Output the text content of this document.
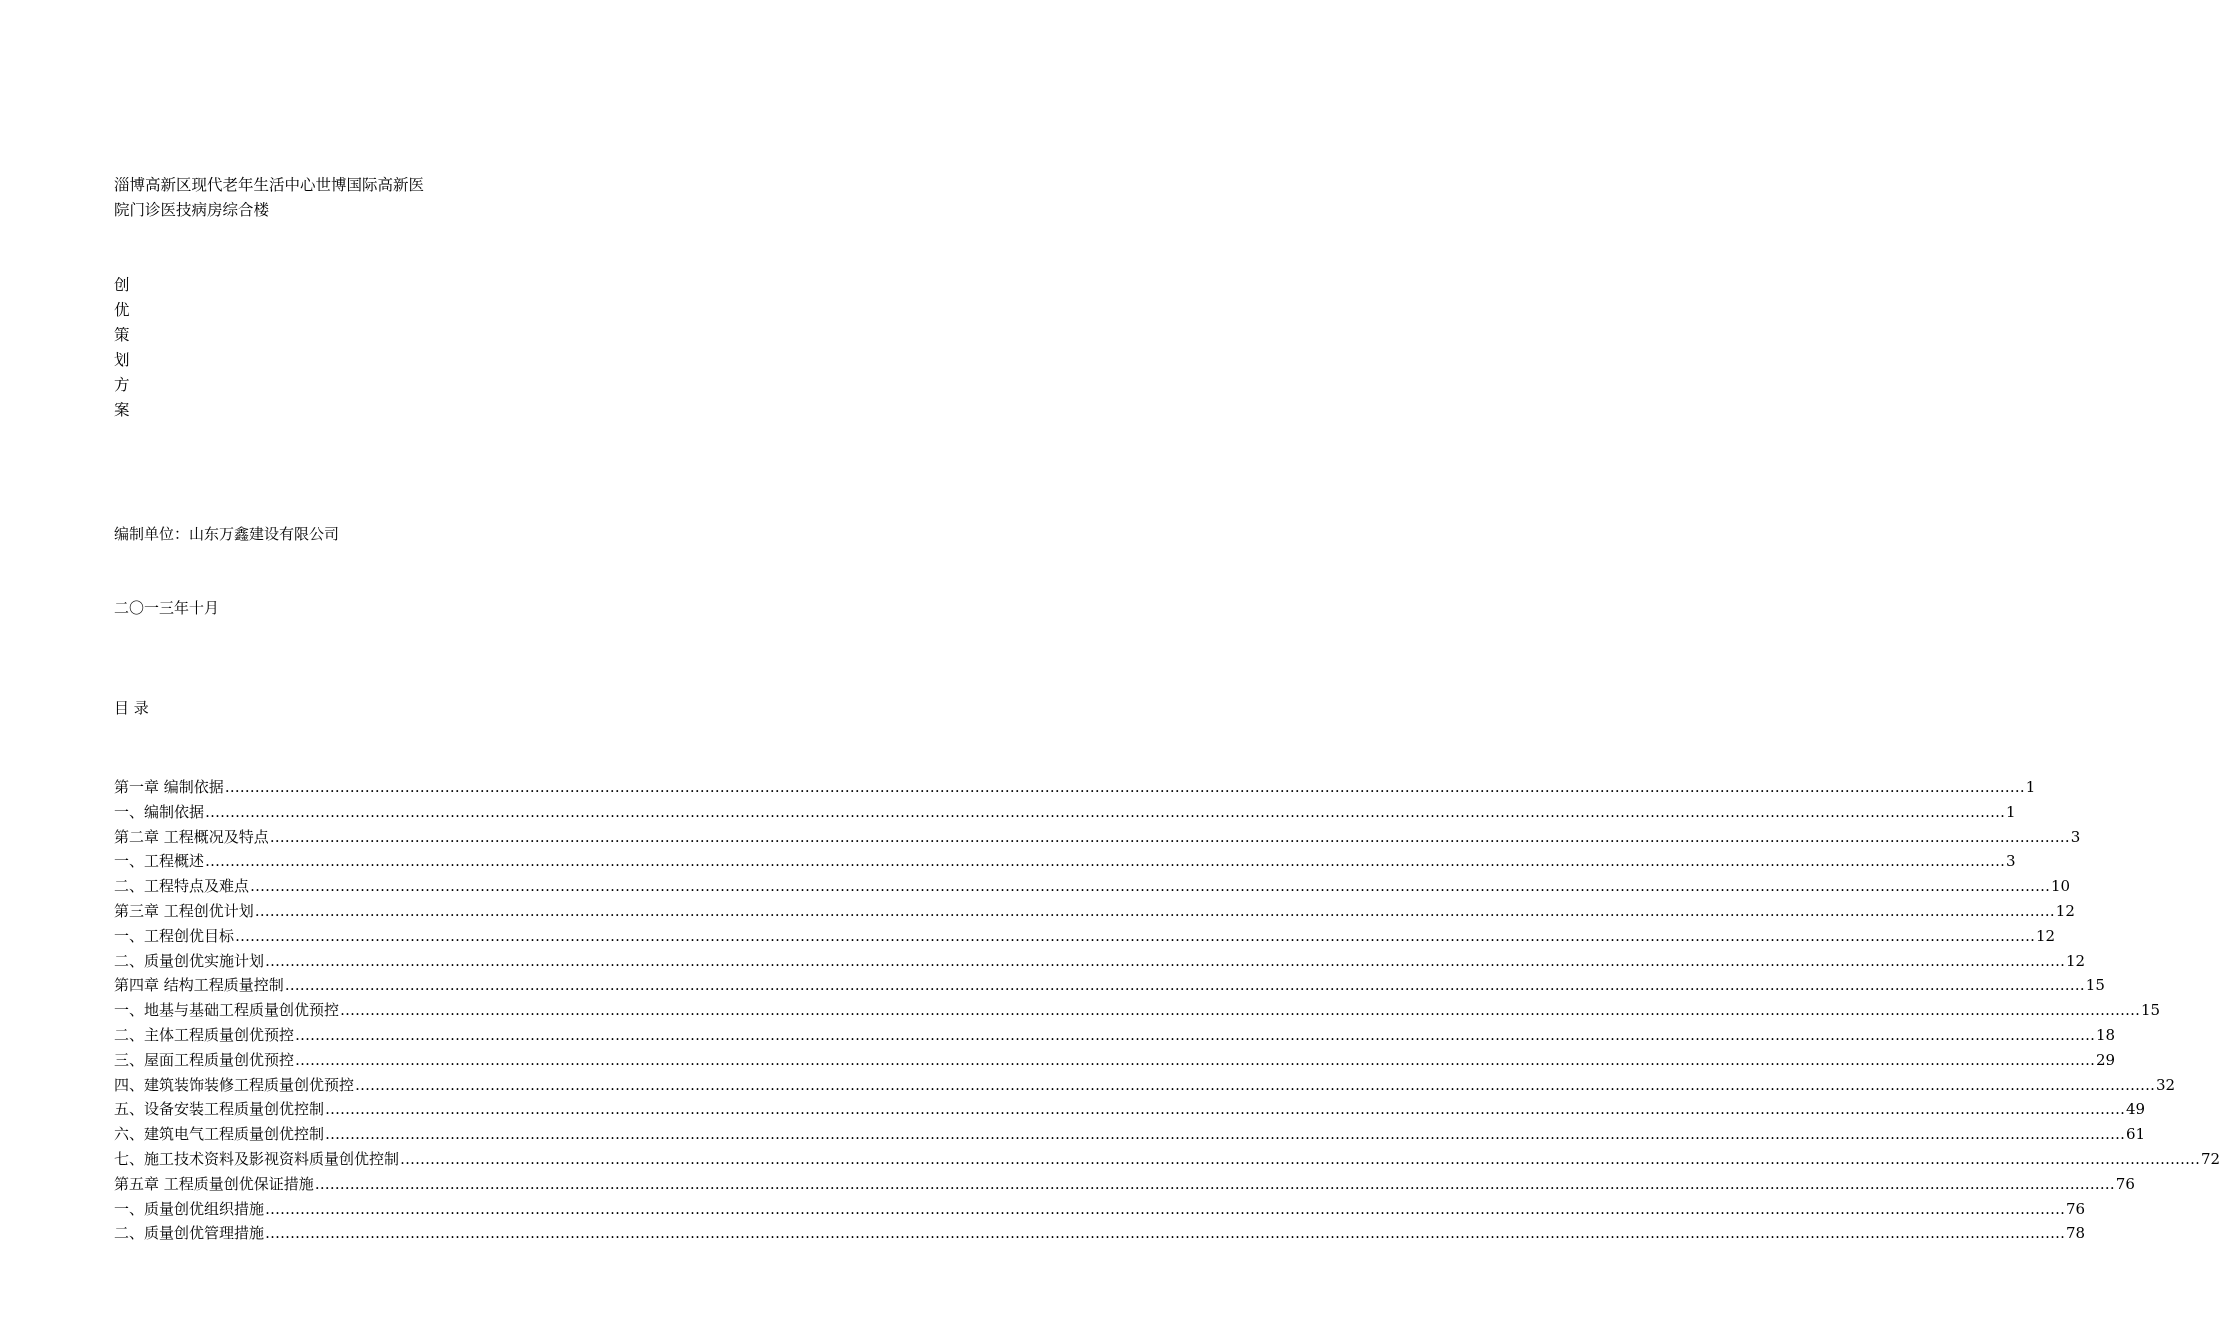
淄博高新区现代老年生活中心世博国际高新医
院门诊医技病房综合楼
创
优
策
划
方
案
编制单位：山东万鑫建设有限公司
二〇一三年十月
目 录
第一章 编制依据 ……………………………………………………………………………………………………………………………………………………………………………………………………………………………………………………………………………………………………………………………… 1
一、编制依据 ……………………………………………………………………………………………………………………………………………………………………………………………………………………………………………………………………………………………………………………………… 1
第二章 工程概况及特点 ……………………………………………………………………………………………………………………………………………………………………………………………………………………………………………………………………………………………………………………………… 3
一、工程概述 ……………………………………………………………………………………………………………………………………………………………………………………………………………………………………………………………………………………………………………………………… 3
二、工程特点及难点 ……………………………………………………………………………………………………………………………………………………………………………………………………………………………………………………………………………………………………………………………… 10
第三章 工程创优计划 ……………………………………………………………………………………………………………………………………………………………………………………………………………………………………………………………………………………………………………………………… 12
一、工程创优目标 ……………………………………………………………………………………………………………………………………………………………………………………………………………………………………………………………………………………………………………………………… 12
二、质量创优实施计划 ……………………………………………………………………………………………………………………………………………………………………………………………………………………………………………………………………………………………………………………………… 12
第四章 结构工程质量控制 ……………………………………………………………………………………………………………………………………………………………………………………………………………………………………………………………………………………………………………………………… 15
一、地基与基础工程质量创优预控 ……………………………………………………………………………………………………………………………………………………………………………………………………………………………………………………………………………………………………………………………… 15
二、主体工程质量创优预控 ……………………………………………………………………………………………………………………………………………………………………………………………………………………………………………………………………………………………………………………………… 18
三、屋面工程质量创优预控 ……………………………………………………………………………………………………………………………………………………………………………………………………………………………………………………………………………………………………………………………… 29
四、建筑装饰装修工程质量创优预控 ……………………………………………………………………………………………………………………………………………………………………………………………………………………………………………………………………………………………………………………………… 32
五、设备安装工程质量创优控制 ……………………………………………………………………………………………………………………………………………………………………………………………………………………………………………………………………………………………………………………………… 49
六、建筑电气工程质量创优控制 ……………………………………………………………………………………………………………………………………………………………………………………………………………………………………………………………………………………………………………………………… 61
七、施工技术资料及影视资料质量创优控制 ……………………………………………………………………………………………………………………………………………………………………………………………………………………………………………………………………………………………………………………………… 72
第五章 工程质量创优保证措施 ……………………………………………………………………………………………………………………………………………………………………………………………………………………………………………………………………………………………………………………………… 76
一、质量创优组织措施 ……………………………………………………………………………………………………………………………………………………………………………………………………………………………………………………………………………………………………………………………… 76
二、质量创优管理措施 ……………………………………………………………………………………………………………………………………………………………………………………………………………………………………………………………………………………………………………………………… 78
